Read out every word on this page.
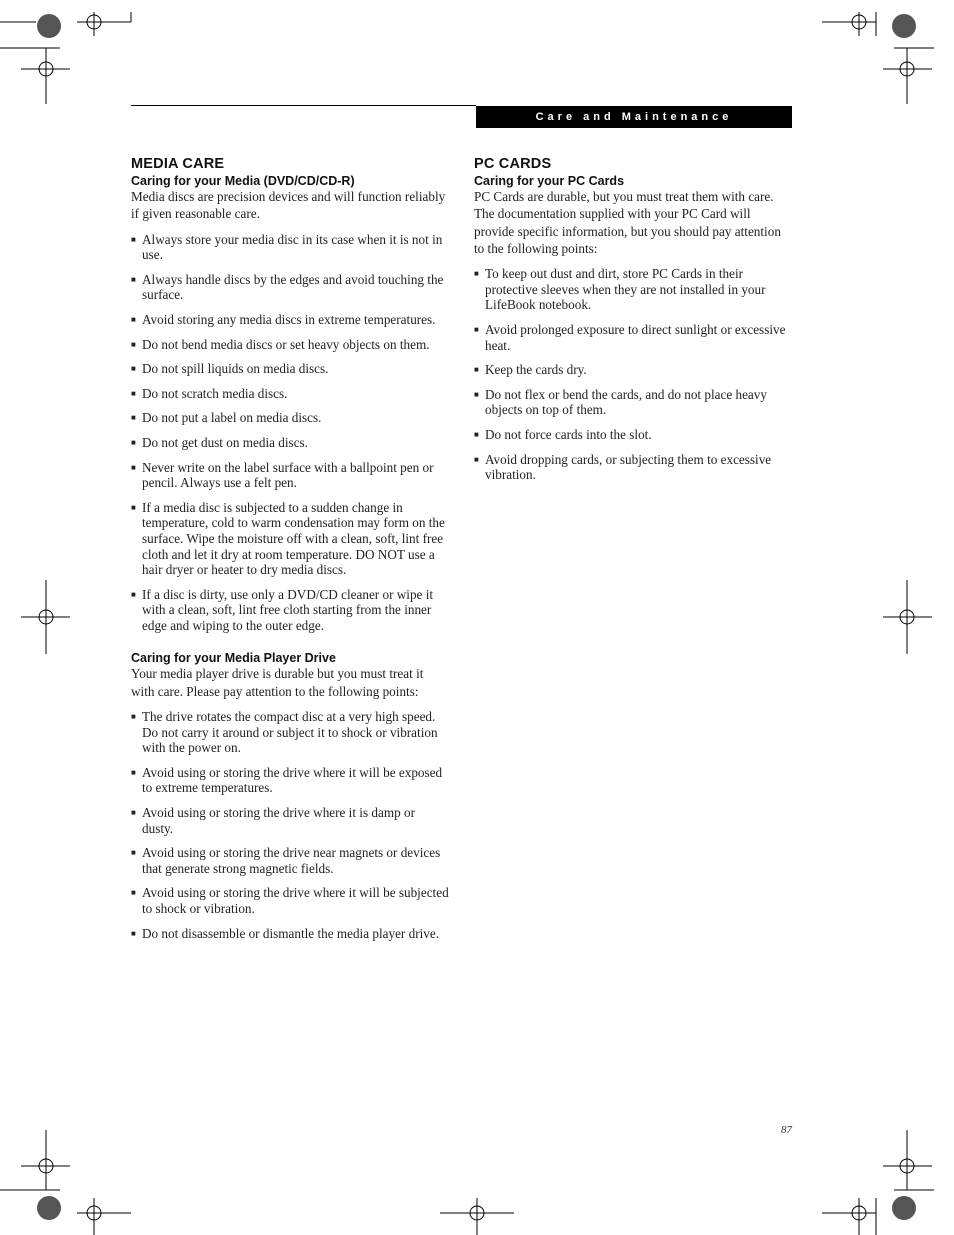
Care and Maintenance
MEDIA CARE
Caring for your Media (DVD/CD/CD-R)

Media discs are precision devices and will function reliably if given reasonable care.

■ Always store your media disc in its case when it is not in use.
■ Always handle discs by the edges and avoid touching the surface.
■ Avoid storing any media discs in extreme temperatures.
■ Do not bend media discs or set heavy objects on them.
■ Do not spill liquids on media discs.
■ Do not scratch media discs.
■ Do not put a label on media discs.
■ Do not get dust on media discs.
■ Never write on the label surface with a ballpoint pen or pencil. Always use a felt pen.
■ If a media disc is subjected to a sudden change in temperature, cold to warm condensation may form on the surface. Wipe the moisture off with a clean, soft, lint free cloth and let it dry at room temperature. DO NOT use a hair dryer or heater to dry media discs.
■ If a disc is dirty, use only a DVD/CD cleaner or wipe it with a clean, soft, lint free cloth starting from the inner edge and wiping to the outer edge.
Caring for your Media Player Drive

Your media player drive is durable but you must treat it with care. Please pay attention to the following points:

■ The drive rotates the compact disc at a very high speed. Do not carry it around or subject it to shock or vibration with the power on.
■ Avoid using or storing the drive where it will be exposed to extreme temperatures.
■ Avoid using or storing the drive where it is damp or dusty.
■ Avoid using or storing the drive near magnets or devices that generate strong magnetic fields.
■ Avoid using or storing the drive where it will be subjected to shock or vibration.
■ Do not disassemble or dismantle the media player drive.
PC CARDS
Caring for your PC Cards

PC Cards are durable, but you must treat them with care. The documentation supplied with your PC Card will provide specific information, but you should pay attention to the following points:

■ To keep out dust and dirt, store PC Cards in their protective sleeves when they are not installed in your LifeBook notebook.
■ Avoid prolonged exposure to direct sunlight or excessive heat.
■ Keep the cards dry.
■ Do not flex or bend the cards, and do not place heavy objects on top of them.
■ Do not force cards into the slot.
■ Avoid dropping cards, or subjecting them to excessive vibration.
87
